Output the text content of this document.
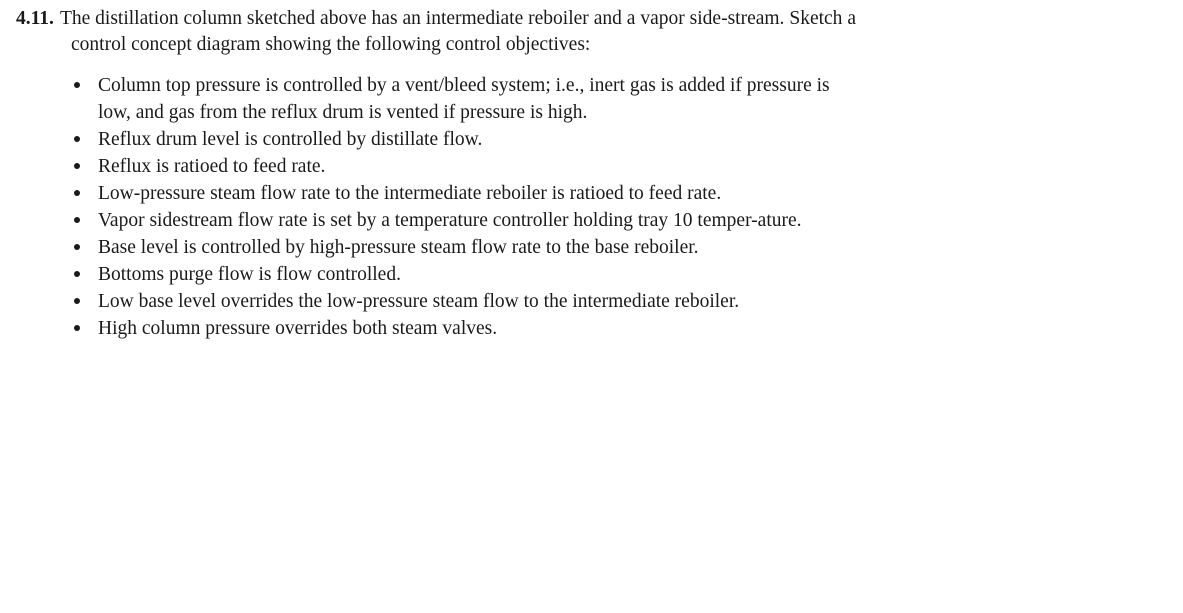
4.11. The distillation column sketched above has an intermediate reboiler and a vapor side-stream. Sketch a control concept diagram showing the following control objectives:

Column top pressure is controlled by a vent/bleed system; i.e., inert gas is added if pressure is low, and gas from the reflux drum is vented if pressure is high.
Reflux drum level is controlled by distillate flow.
Reflux is ratioed to feed rate.
Low-pressure steam flow rate to the intermediate reboiler is ratioed to feed rate.
Vapor sidestream flow rate is set by a temperature controller holding tray 10 temper-ature.
Base level is controlled by high-pressure steam flow rate to the base reboiler.
Bottoms purge flow is flow controlled.
Low base level overrides the low-pressure steam flow to the intermediate reboiler.
High column pressure overrides both steam valves.
